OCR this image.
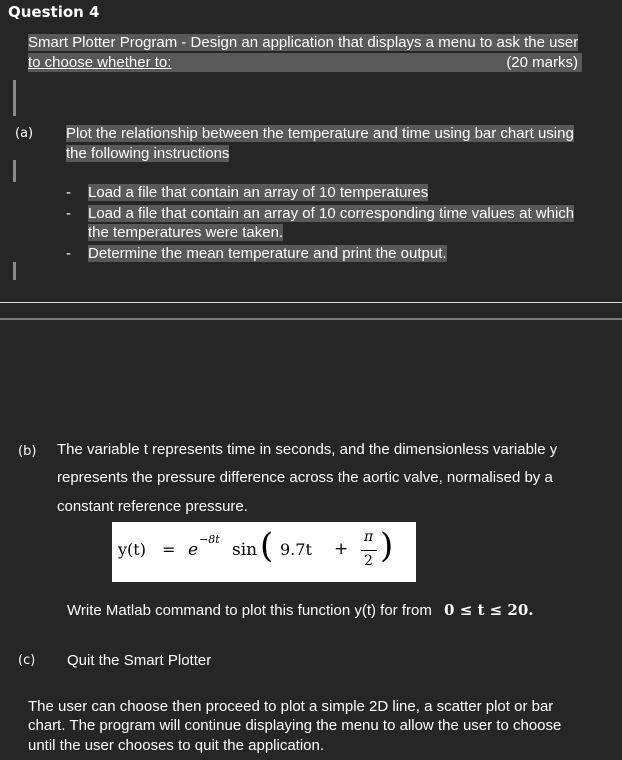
Question 4
Smart Plotter Program - Design an application that displays a menu to ask the user
to choose whether to:	(20 marks)
(a) Plot the relationship between the temperature and time using bar chart using
the following instructions
- Load a file that contain an array of 10 temperatures
- Load a file that contain an array of 10 corresponding time values at which
the temperatures were taken.
- Determine the mean temperature and print the output.
(b) The variable t represents time in seconds, and the dimensionless variable y
represents the pressure difference across the aortic valve, normalised by a
constant reference pressure.
y(t) = e
−8t
sin ( 9.7t +
π
2 )
Write Matlab command to plot this function y(t) for from 0 ≤ t ≤ 20.
(c) Quit the Smart Plotter
The user can choose then proceed to plot a simple 2D line, a scatter plot or bar
chart. The program will continue displaying the menu to allow the user to choose
until the user chooses to quit the application.
